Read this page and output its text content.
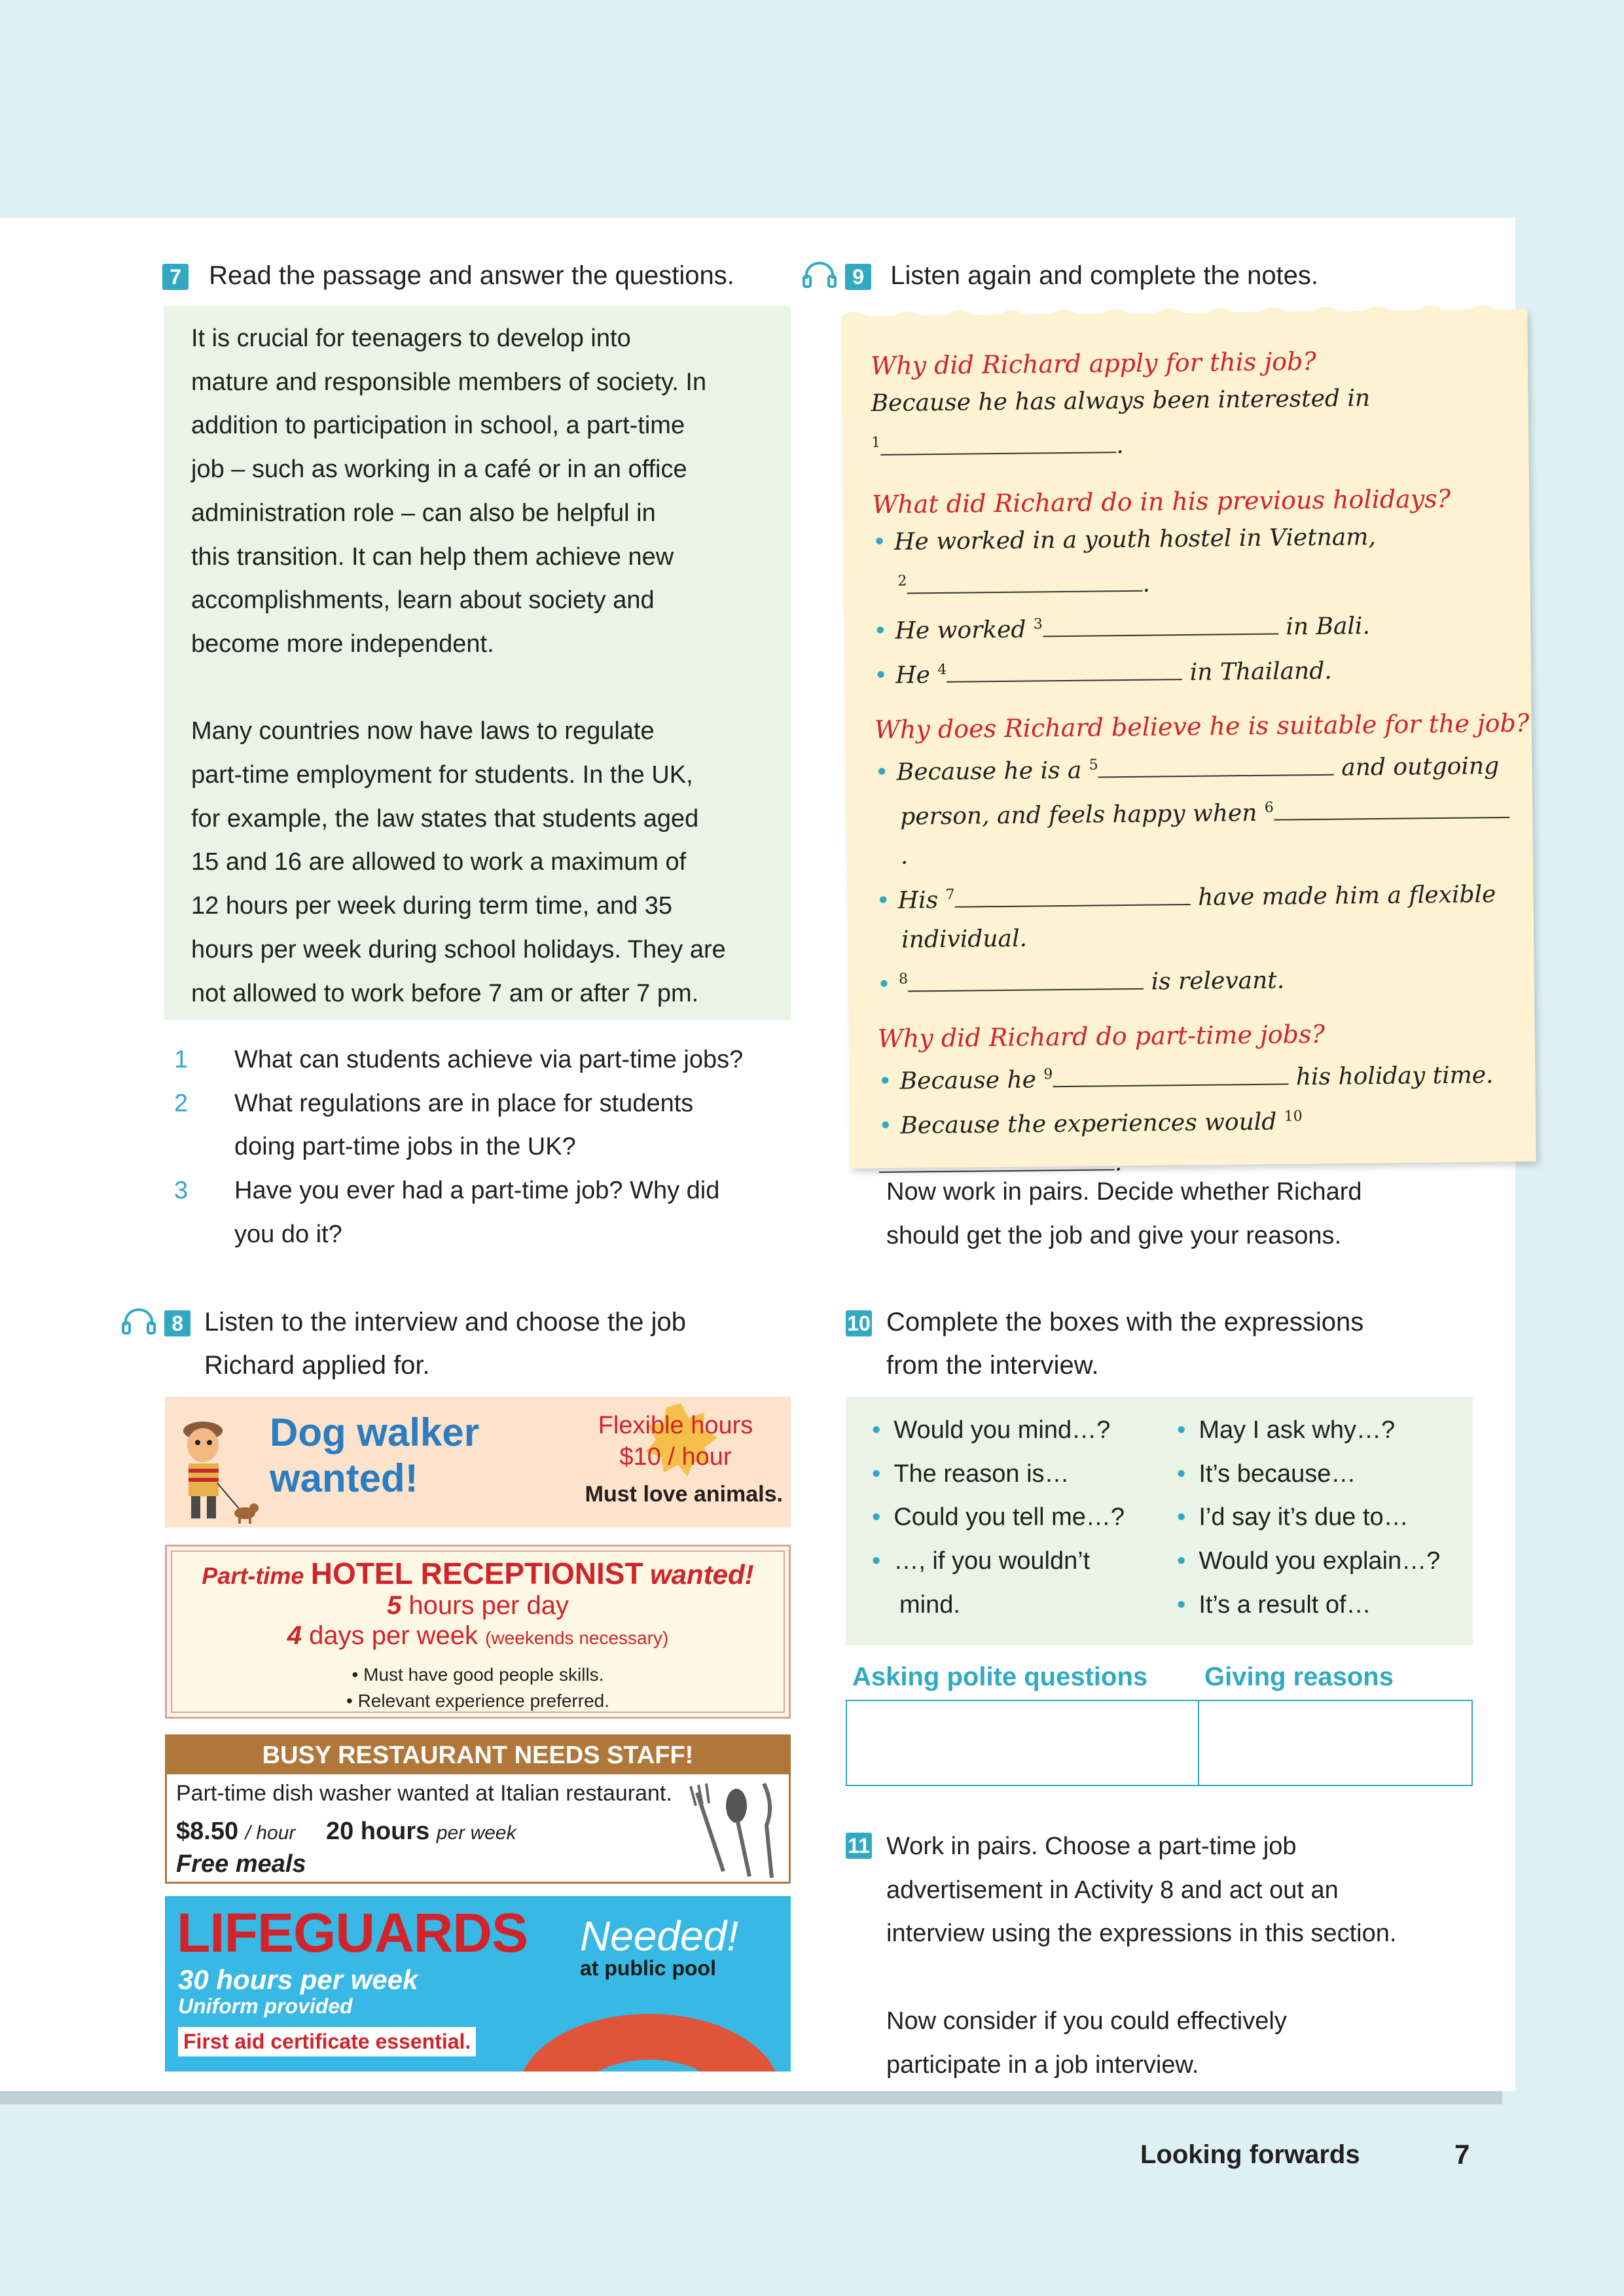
7 Read the passage and answer the questions.
It is crucial for teenagers to develop into
mature and responsible members of society. In
addition to participation in school, a part-time
job – such as working in a café or in an office
administration role – can also be helpful in
this transition. It can help them achieve new
accomplishments, learn about society and
become more independent.
Many countries now have laws to regulate
part-time employment for students. In the UK,
for example, the law states that students aged
15 and 16 are allowed to work a maximum of
12 hours per week during term time, and 35
hours per week during school holidays. They are
not allowed to work before 7 am or after 7 pm.
1 What can students achieve via part-time jobs?
2 What regulations are in place for students
doing part-time jobs in the UK?
3 Have you ever had a part-time job? Why did
you do it?
8 Listen to the interview and choose the job
Richard applied for.
Dog walker
wanted!
Flexible hours
$10 / hour
Must love animals.
Part-time HOTEL RECEPTIONIST wanted!
5 hours per day
4 days per week (weekends necessary)
• Must have good people skills.
• Relevant experience preferred.
BUSY RESTAURANT NEEDS STAFF!
Part-time dish washer wanted at Italian restaurant.
$8.50 / hour 20 hours per week
Free meals
LIFEGUARDS Needed!
at public pool
30 hours per week
Uniform provided
First aid certificate essential.
9 Listen again and complete the notes.
Why did Richard apply for this job?
Because he has always been interested in
$^1$	.
What did Richard do in his previous holidays?
• He worked in a youth hostel in Vietnam,
$^2$	.
• He worked $^3$	in Bali.
• He $^4$	in Thailand.
Why does Richard believe he is suitable for the job?
• Because he is a $^5$	and outgoing
person, and feels happy when $^6$.
• His $^7$	have made him a flexible
individual.
• $^8$	is relevant.
Why did Richard do part-time jobs?
• Because he $^9$	his holiday time.
• Because the experiences would $^{10}$.
Now work in pairs. Decide whether Richard
should get the job and give your reasons.
10 Complete the boxes with the expressions
from the interview.
• Would you mind…?
• The reason is…
• Could you tell me…?
• …, if you wouldn’t
mind.
• May I ask why…?
• It’s because…
• I’d say it’s due to…
• Would you explain…?
• It’s a result of…
Asking polite questions Giving reasons
11 Work in pairs. Choose a part-time job
advertisement in Activity 8 and act out an
interview using the expressions in this section.
Now consider if you could effectively
participate in a job interview.
Looking forwards	7
